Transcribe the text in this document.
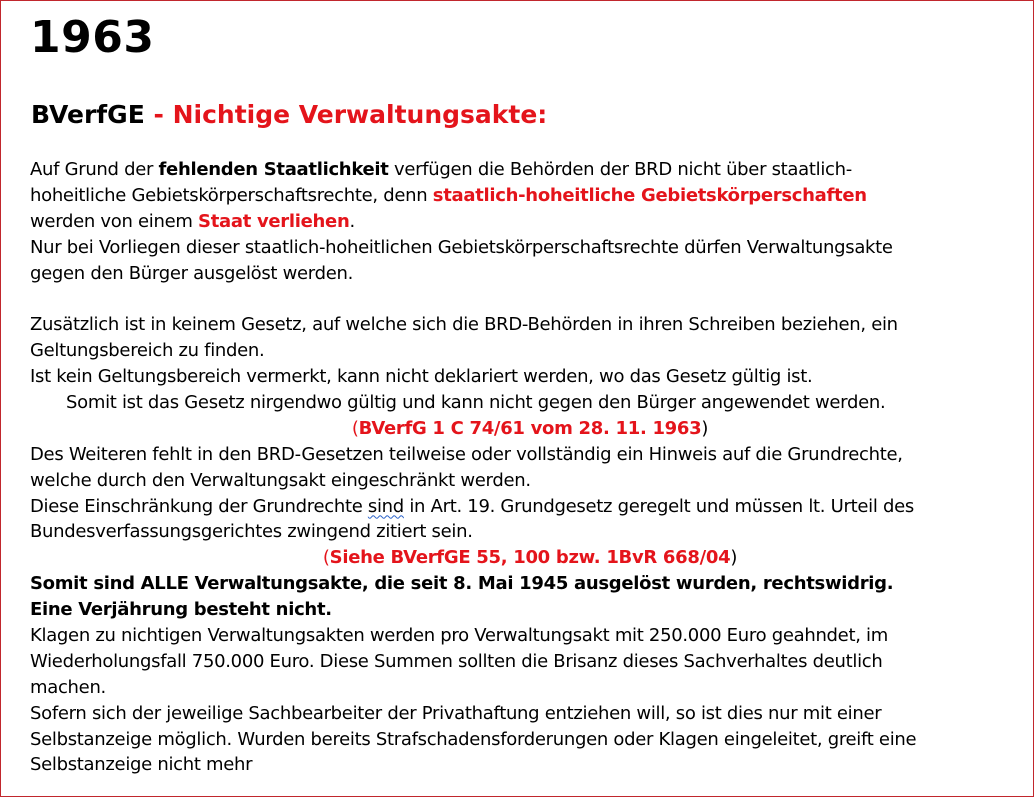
1963
BVerfGE - Nichtige Verwaltungsakte:
Auf Grund der fehlenden Staatlichkeit verfügen die Behörden der BRD nicht über staatlich-
hoheitliche Gebietskörperschaftsrechte, denn staatlich-hoheitliche Gebietskörperschaften
werden von einem Staat verliehen.
Nur bei Vorliegen dieser staatlich-hoheitlichen Gebietskörperschaftsrechte dürfen Verwaltungsakte
gegen den Bürger ausgelöst werden.
Zusätzlich ist in keinem Gesetz, auf welche sich die BRD-Behörden in ihren Schreiben beziehen, ein
Geltungsbereich zu finden.
Ist kein Geltungsbereich vermerkt, kann nicht deklariert werden, wo das Gesetz gültig ist.
Somit ist das Gesetz nirgendwo gültig und kann nicht gegen den Bürger angewendet werden.
(BVerfG 1 C 74/61 vom 28. 11. 1963)
Des Weiteren fehlt in den BRD-Gesetzen teilweise oder vollständig ein Hinweis auf die Grundrechte,
welche durch den Verwaltungsakt eingeschränkt werden.
Diese Einschränkung der Grundrechte sind in Art. 19. Grundgesetz geregelt und müssen lt. Urteil des
Bundesverfassungsgerichtes zwingend zitiert sein.
(Siehe BVerfGE 55, 100 bzw. 1BvR 668/04)
Somit sind ALLE Verwaltungsakte, die seit 8. Mai 1945 ausgelöst wurden, rechtswidrig.
Eine Verjährung besteht nicht.
Klagen zu nichtigen Verwaltungsakten werden pro Verwaltungsakt mit 250.000 Euro geahndet, im
Wiederholungsfall 750.000 Euro. Diese Summen sollten die Brisanz dieses Sachverhaltes deutlich
machen.
Sofern sich der jeweilige Sachbearbeiter der Privathaftung entziehen will, so ist dies nur mit einer
Selbstanzeige möglich. Wurden bereits Strafschadensforderungen oder Klagen eingeleitet, greift eine
Selbstanzeige nicht mehr
